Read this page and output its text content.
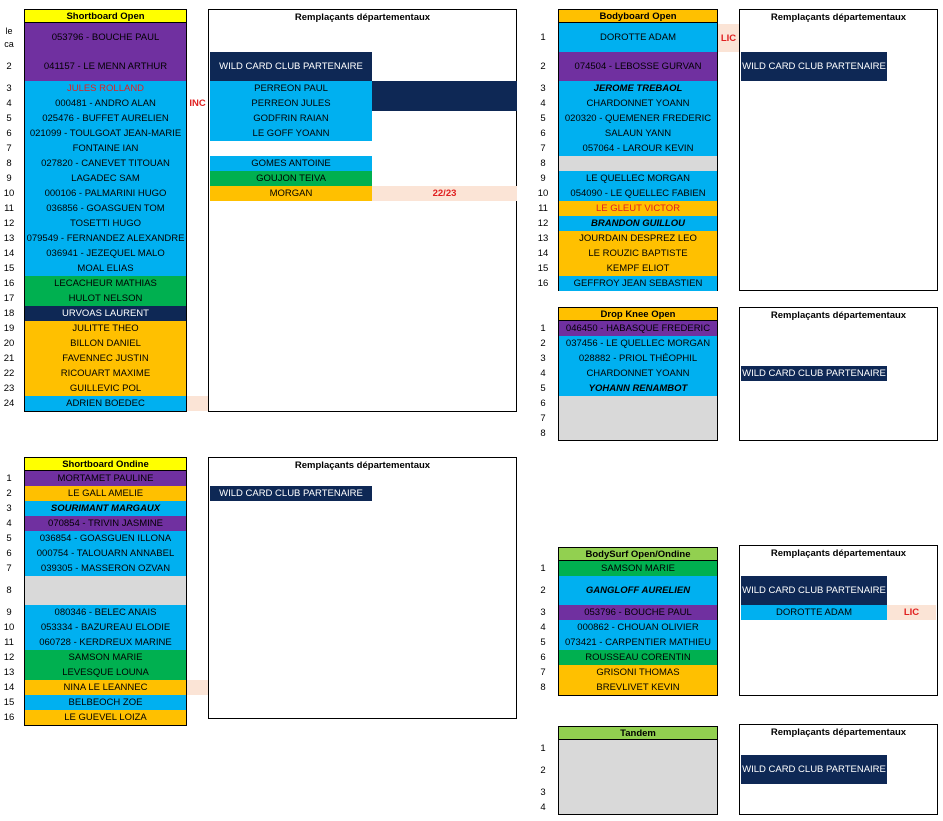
Shortboard Open
053796 - BOUCHE PAUL
041157 - LE MENN ARTHUR
JULES ROLLAND
000481 - ANDRO ALAN
025476 - BUFFET AURELIEN
021099 - TOULGOAT JEAN-MARIE
FONTAINE IAN
027820 - CANEVET TITOUAN
LAGADEC SAM
000106 - PALMARINI HUGO
036856 - GOASGUEN TOM
TOSETTI HUGO
079549 - FERNANDEZ ALEXANDRE
036941 - JEZEQUEL MALO
MOAL ELIAS
LECACHEUR MATHIAS
HULOT NELSON
URVOAS LAURENT
JULITTE THEO
BILLON DANIEL
FAVENNEC JUSTIN
RICOUART MAXIME
GUILLEVIC POL
ADRIEN BOEDEC
le ca
2
3
4
5
6
7
8
9
10
11
12
13
14
15
16
17
18
19
20
21
22
23
24
INC
Remplaçants départementaux
WILD CARD CLUB PARTENAIRE
PERREON PAUL
PERREON JULES
GODFRIN RAIAN
LE GOFF YOANN
GOMES ANTOINE
GOUJON TEIVA
MORGAN	22/23
Shortboard Ondine
MORTAMET PAULINE
LE GALL AMELIE
SOURIMANT MARGAUX
070854 - TRIVIN JASMINE
036854 - GOASGUEN ILLONA
000754 - TALOUARN ANNABEL
039305 - MASSERON OZVAN
080346 - BELEC ANAIS
053334 - BAZUREAU ELODIE
060728 - KERDREUX MARINE
SAMSON MARIE
LEVESQUE LOUNA
NINA LE LEANNEC
BELBEOCH ZOE
LE GUEVEL LOIZA
1
2
3
4
5
6
7
8
9
10
11
12
13
14
15
16
Remplaçants départementaux
WILD CARD CLUB PARTENAIRE
Bodyboard Open
DOROTTE ADAM
074504 - LEBOSSE GURVAN
JEROME TREBAOL
CHARDONNET YOANN
020320 - QUEMENER FREDERIC
SALAUN YANN
057064 - LAROUR KEVIN
LE QUELLEC MORGAN
054090 - LE QUELLEC FABIEN
LE GLEUT VICTOR
BRANDON GUILLOU
JOURDAIN DESPREZ LEO
LE ROUZIC BAPTISTE
KEMPF ELIOT
GEFFROY JEAN SEBASTIEN
1
2
3
4
5
6
7
8
9
10
11
12
13
14
15
16
LIC
Remplaçants départementaux
WILD CARD CLUB PARTENAIRE
Drop Knee Open
046450 - HABASQUE FREDERIC
037456 - LE QUELLEC MORGAN
028882 - PRIOL THÉOPHIL
CHARDONNET YOANN
YOHANN RENAMBOT
1
2
3
4
5
6
7
8
Remplaçants départementaux
WILD CARD CLUB PARTENAIRE
BodySurf Open/Ondine
SAMSON MARIE
GANGLOFF AURELIEN
053796 - BOUCHE PAUL
000862 - CHOUAN OLIVIER
073421 - CARPENTIER MATHIEU
ROUSSEAU CORENTIN
GRISONI THOMAS
BREVLIVET KEVIN
1
2
3
4
5
6
7
8
Remplaçants départementaux
WILD CARD CLUB PARTENAIRE
DOROTTE ADAM	LIC
Tandem
1
2
3
4
Remplaçants départementaux
WILD CARD CLUB PARTENAIRE
